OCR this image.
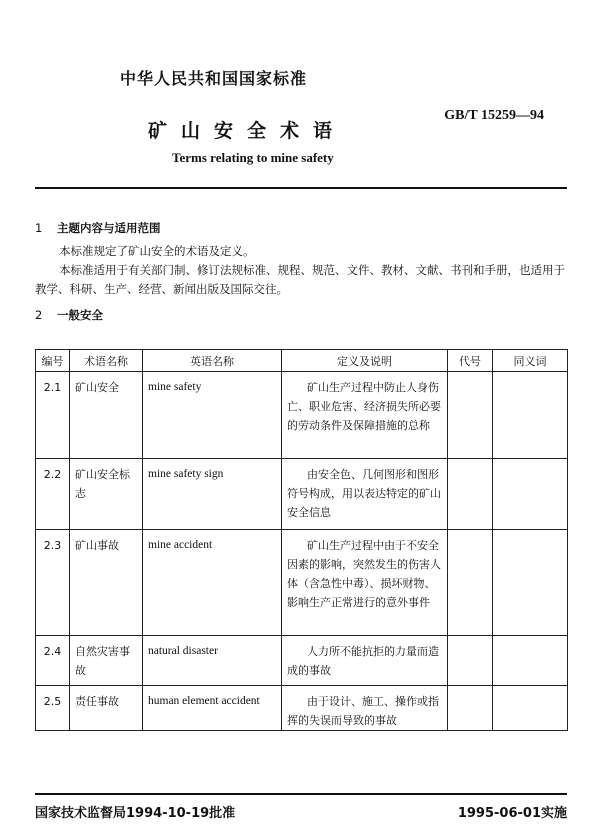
中华人民共和国国家标准
GB/T 15259—94
矿山安全术语
Terms relating to mine safety
1 主题内容与适用范围
本标准规定了矿山安全的术语及定义。
本标准适用于有关部门制、修订法规标准、规程、规范、文件、教材、文献、书刊和手册，也适用于教学、科研、生产、经营、新闻出版及国际交往。
2 一般安全
编号	术语名称	英语名称	定义及说明	代号	同义词
2.1	矿山安全	mine safety	矿山生产过程中防止人身伤亡、职业危害、经济损失所必要的劳动条件及保障措施的总称		
2.2	矿山安全标志	mine safety sign	由安全色、几何图形和图形符号构成，用以表达特定的矿山安全信息		
2.3	矿山事故	mine accident	矿山生产过程中由于不安全因素的影响，突然发生的伤害人体（含急性中毒）、损坏财物、影响生产正常进行的意外事件		
2.4	自然灾害事故	natural disaster	人力所不能抗拒的力量而造成的事故		
2.5	责任事故	human element accident	由于设计、施工、操作或指挥的失误而导致的事故		
国家技术监督局1994-10-19批准	1995-06-01实施
